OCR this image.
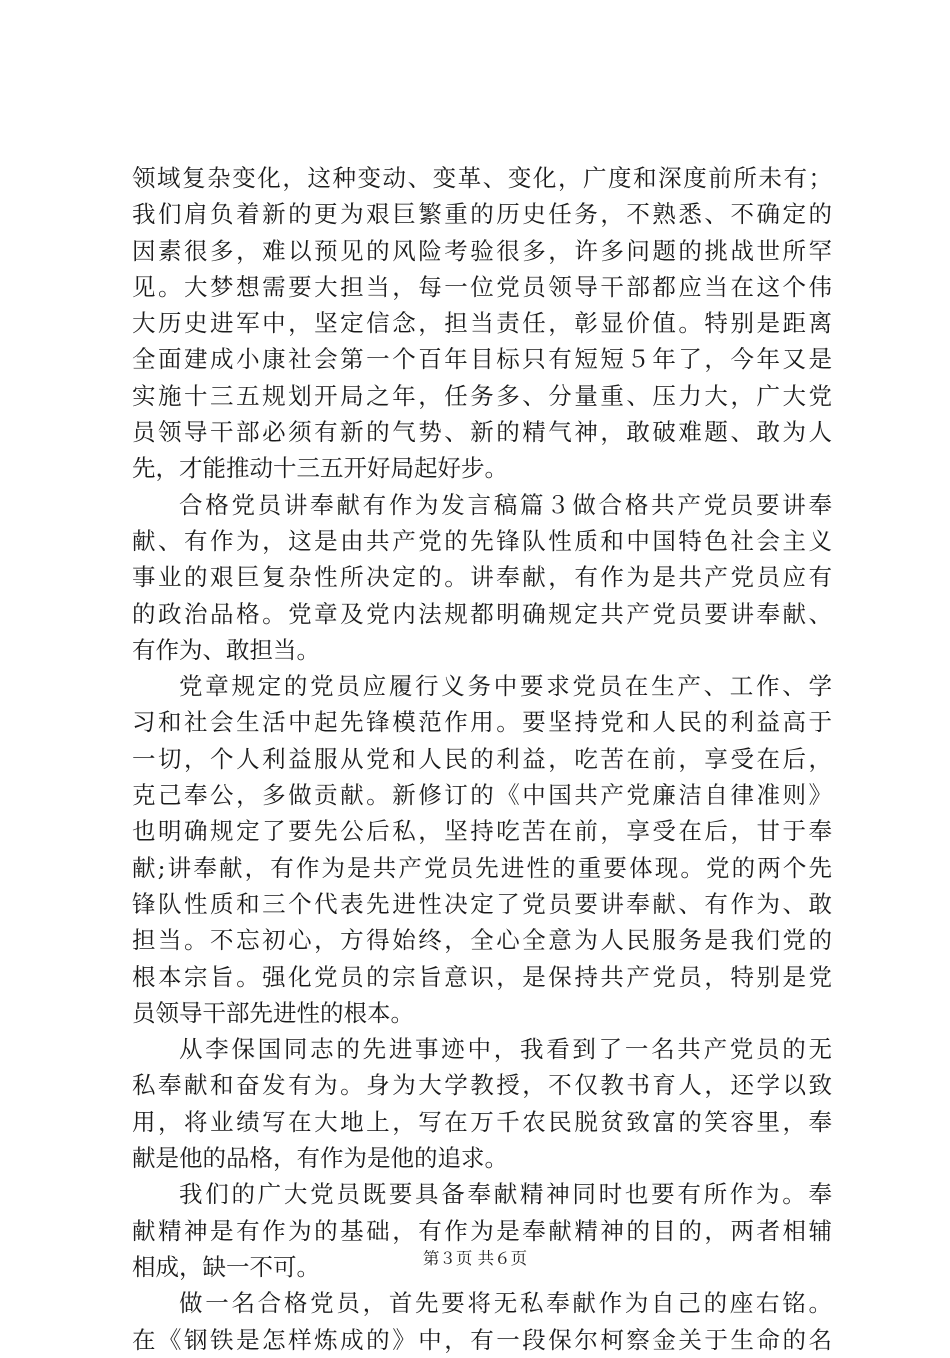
领域复杂变化，这种变动、变革、变化，广度和深度前所未有；
我们肩负着新的更为艰巨繁重的历史任务，不熟悉、不确定的
因素很多，难以预见的风险考验很多，许多问题的挑战世所罕
见。大梦想需要大担当，每一位党员领导干部都应当在这个伟
大历史进军中，坚定信念，担当责任，彰显价值。特别是距离
全面建成小康社会第一个百年目标只有短短５年了，今年又是
实施十三五规划开局之年，任务多、分量重、压力大，广大党
员领导干部必须有新的气势、新的精气神，敢破难题、敢为人
先，才能推动十三五开好局起好步。
合格党员讲奉献有作为发言稿篇３做合格共产党员要讲奉
献、有作为，这是由共产党的先锋队性质和中国特色社会主义
事业的艰巨复杂性所决定的。讲奉献，有作为是共产党员应有
的政治品格。党章及党内法规都明确规定共产党员要讲奉献、
有作为、敢担当。
党章规定的党员应履行义务中要求党员在生产、工作、学
习和社会生活中起先锋模范作用。要坚持党和人民的利益高于
一切，个人利益服从党和人民的利益，吃苦在前，享受在后，
克己奉公，多做贡献。新修订的《中国共产党廉洁自律准则》
也明确规定了要先公后私，坚持吃苦在前，享受在后，甘于奉
献;讲奉献，有作为是共产党员先进性的重要体现。党的两个先
锋队性质和三个代表先进性决定了党员要讲奉献、有作为、敢
担当。不忘初心，方得始终，全心全意为人民服务是我们党的
根本宗旨。强化党员的宗旨意识，是保持共产党员，特别是党
员领导干部先进性的根本。
从李保国同志的先进事迹中，我看到了一名共产党员的无
私奉献和奋发有为。身为大学教授，不仅教书育人，还学以致
用，将业绩写在大地上，写在万千农民脱贫致富的笑容里，奉
献是他的品格，有作为是他的追求。
我们的广大党员既要具备奉献精神同时也要有所作为。奉
献精神是有作为的基础，有作为是奉献精神的目的，两者相辅
相成，缺一不可。
做一名合格党员，首先要将无私奉献作为自己的座右铭。
在《钢铁是怎样炼成的》中，有一段保尔柯察金关于生命的名
第３页 共６页
